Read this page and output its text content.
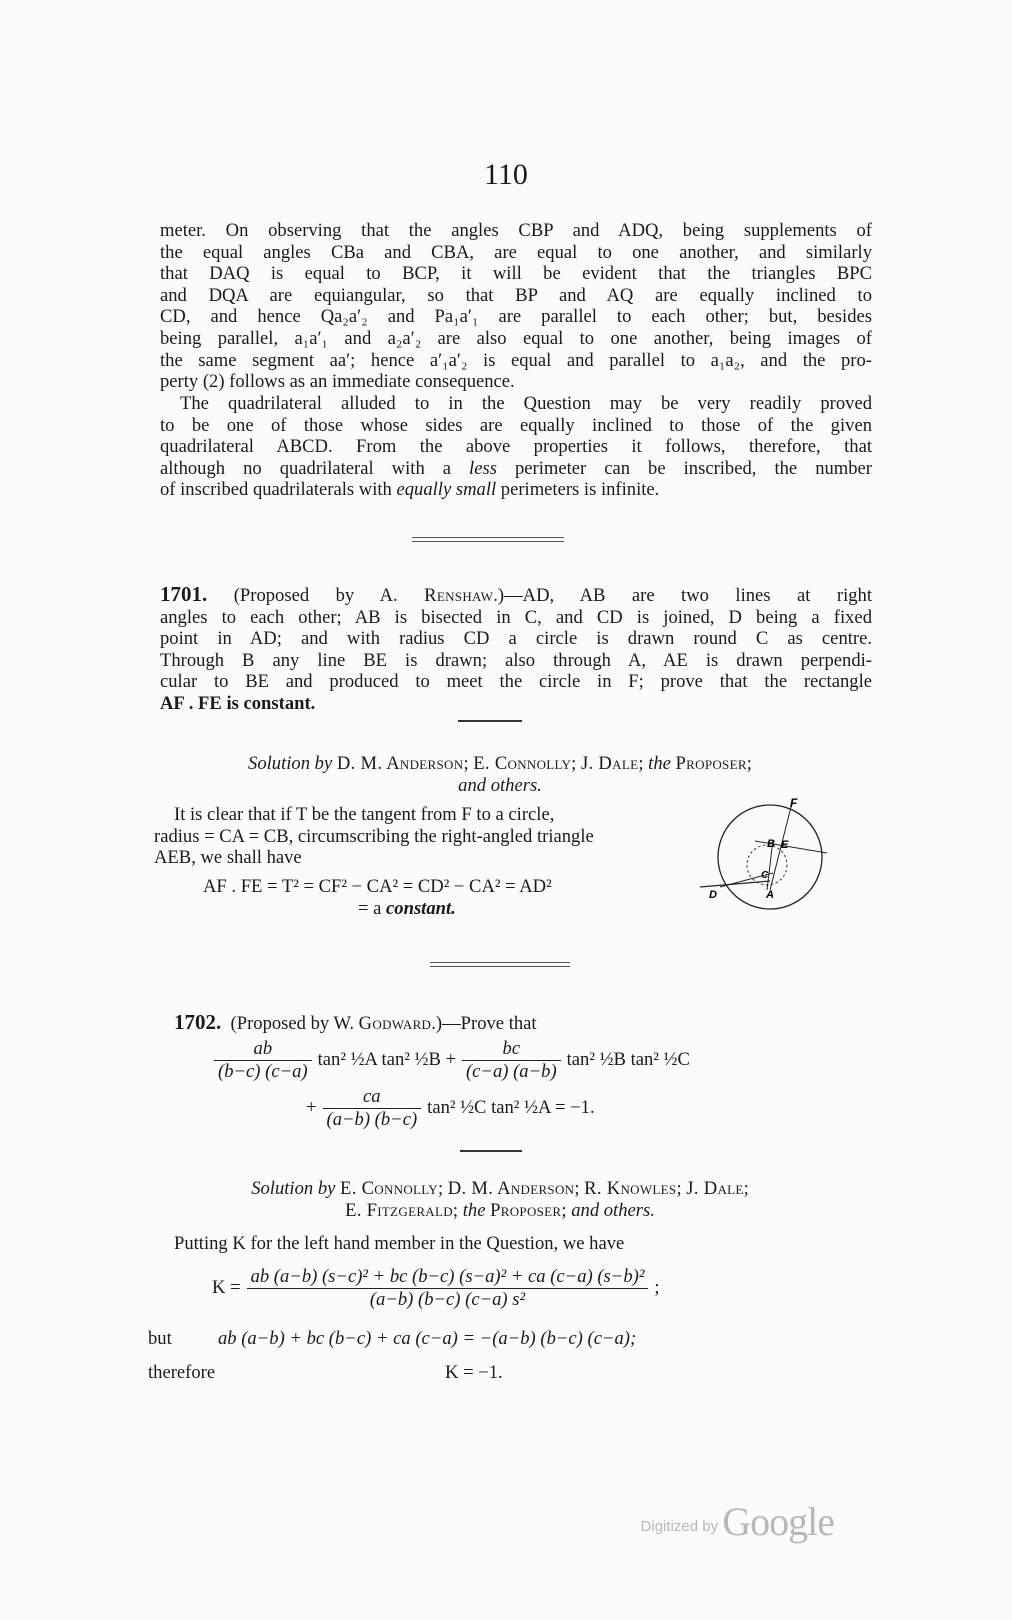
110
meter. On observing that the angles CBP and ADQ, being supplements of
the equal angles CBa and CBA, are equal to one another, and similarly
that DAQ is equal to BCP, it will be evident that the triangles BPC
and DQA are equiangular, so that BP and AQ are equally inclined to
CD, and hence Qa₂a′₂ and Pa₁a′₁ are parallel to each other; but, besides
being parallel, a₁a′₁ and a₂a′₂ are also equal to one another, being images of
the same segment aa′; hence a′₁a′₂ is equal and parallel to a₁a₂, and the pro-
perty (2) follows as an immediate consequence.
The quadrilateral alluded to in the Question may be very readily proved
to be one of those whose sides are equally inclined to those of the given
quadrilateral ABCD. From the above properties it follows, therefore, that
although no quadrilateral with a less perimeter can be inscribed, the number
of inscribed quadrilaterals with equally small perimeters is infinite.
1701. (Proposed by A. Renshaw.)—AD, AB are two lines at right
angles to each other; AB is bisected in C, and CD is joined, D being a fixed
point in AD; and with radius CD a circle is drawn round C as centre.
Through B any line BE is drawn; also through A, AE is drawn perpendi-
cular to BE and produced to meet the circle in F; prove that the rectangle
AF . FE is constant.
Solution by D. M. Anderson; E. Connolly; J. Dale; the Proposer;
and others.
It is clear that if T be the tangent from F to a circle,
radius = CA = CB, circumscribing the right-angled triangle
AEB, we shall have
AF . FE = T² = CF² − CA² = CD² − CA² = AD²
= a constant.
F
B E
C
D	A
1702. (Proposed by W. Godward.)—Prove that
$\frac{ab}{(b-c) (c-a)} \tan^2$ ½A tan² ½B + $\frac{bc}{(c-a) (a-b)} \tan^2$ ½B tan² ½C
+ $\frac{ca}{(a-b) (b-c)} \tan^2$ ½C tan² ½A = −1.
Solution by E. Connolly; D. M. Anderson; R. Knowles; J. Dale;
E. Fitzgerald; the Proposer; and others.
Putting K for the left hand member in the Question, we have
$K = \frac{\text{ab (a−b) (s−c)² + bc (b−c) (s−a)² + ca (c−a) (s−b)²}}{\text{(a−b) (b−c) (c−a) s²}}$ ;
but ab (a−b) + bc (b−c) + ca (c−a) = −(a−b) (b−c) (c−a);
therefore	K = −1.
Digitized by Google
